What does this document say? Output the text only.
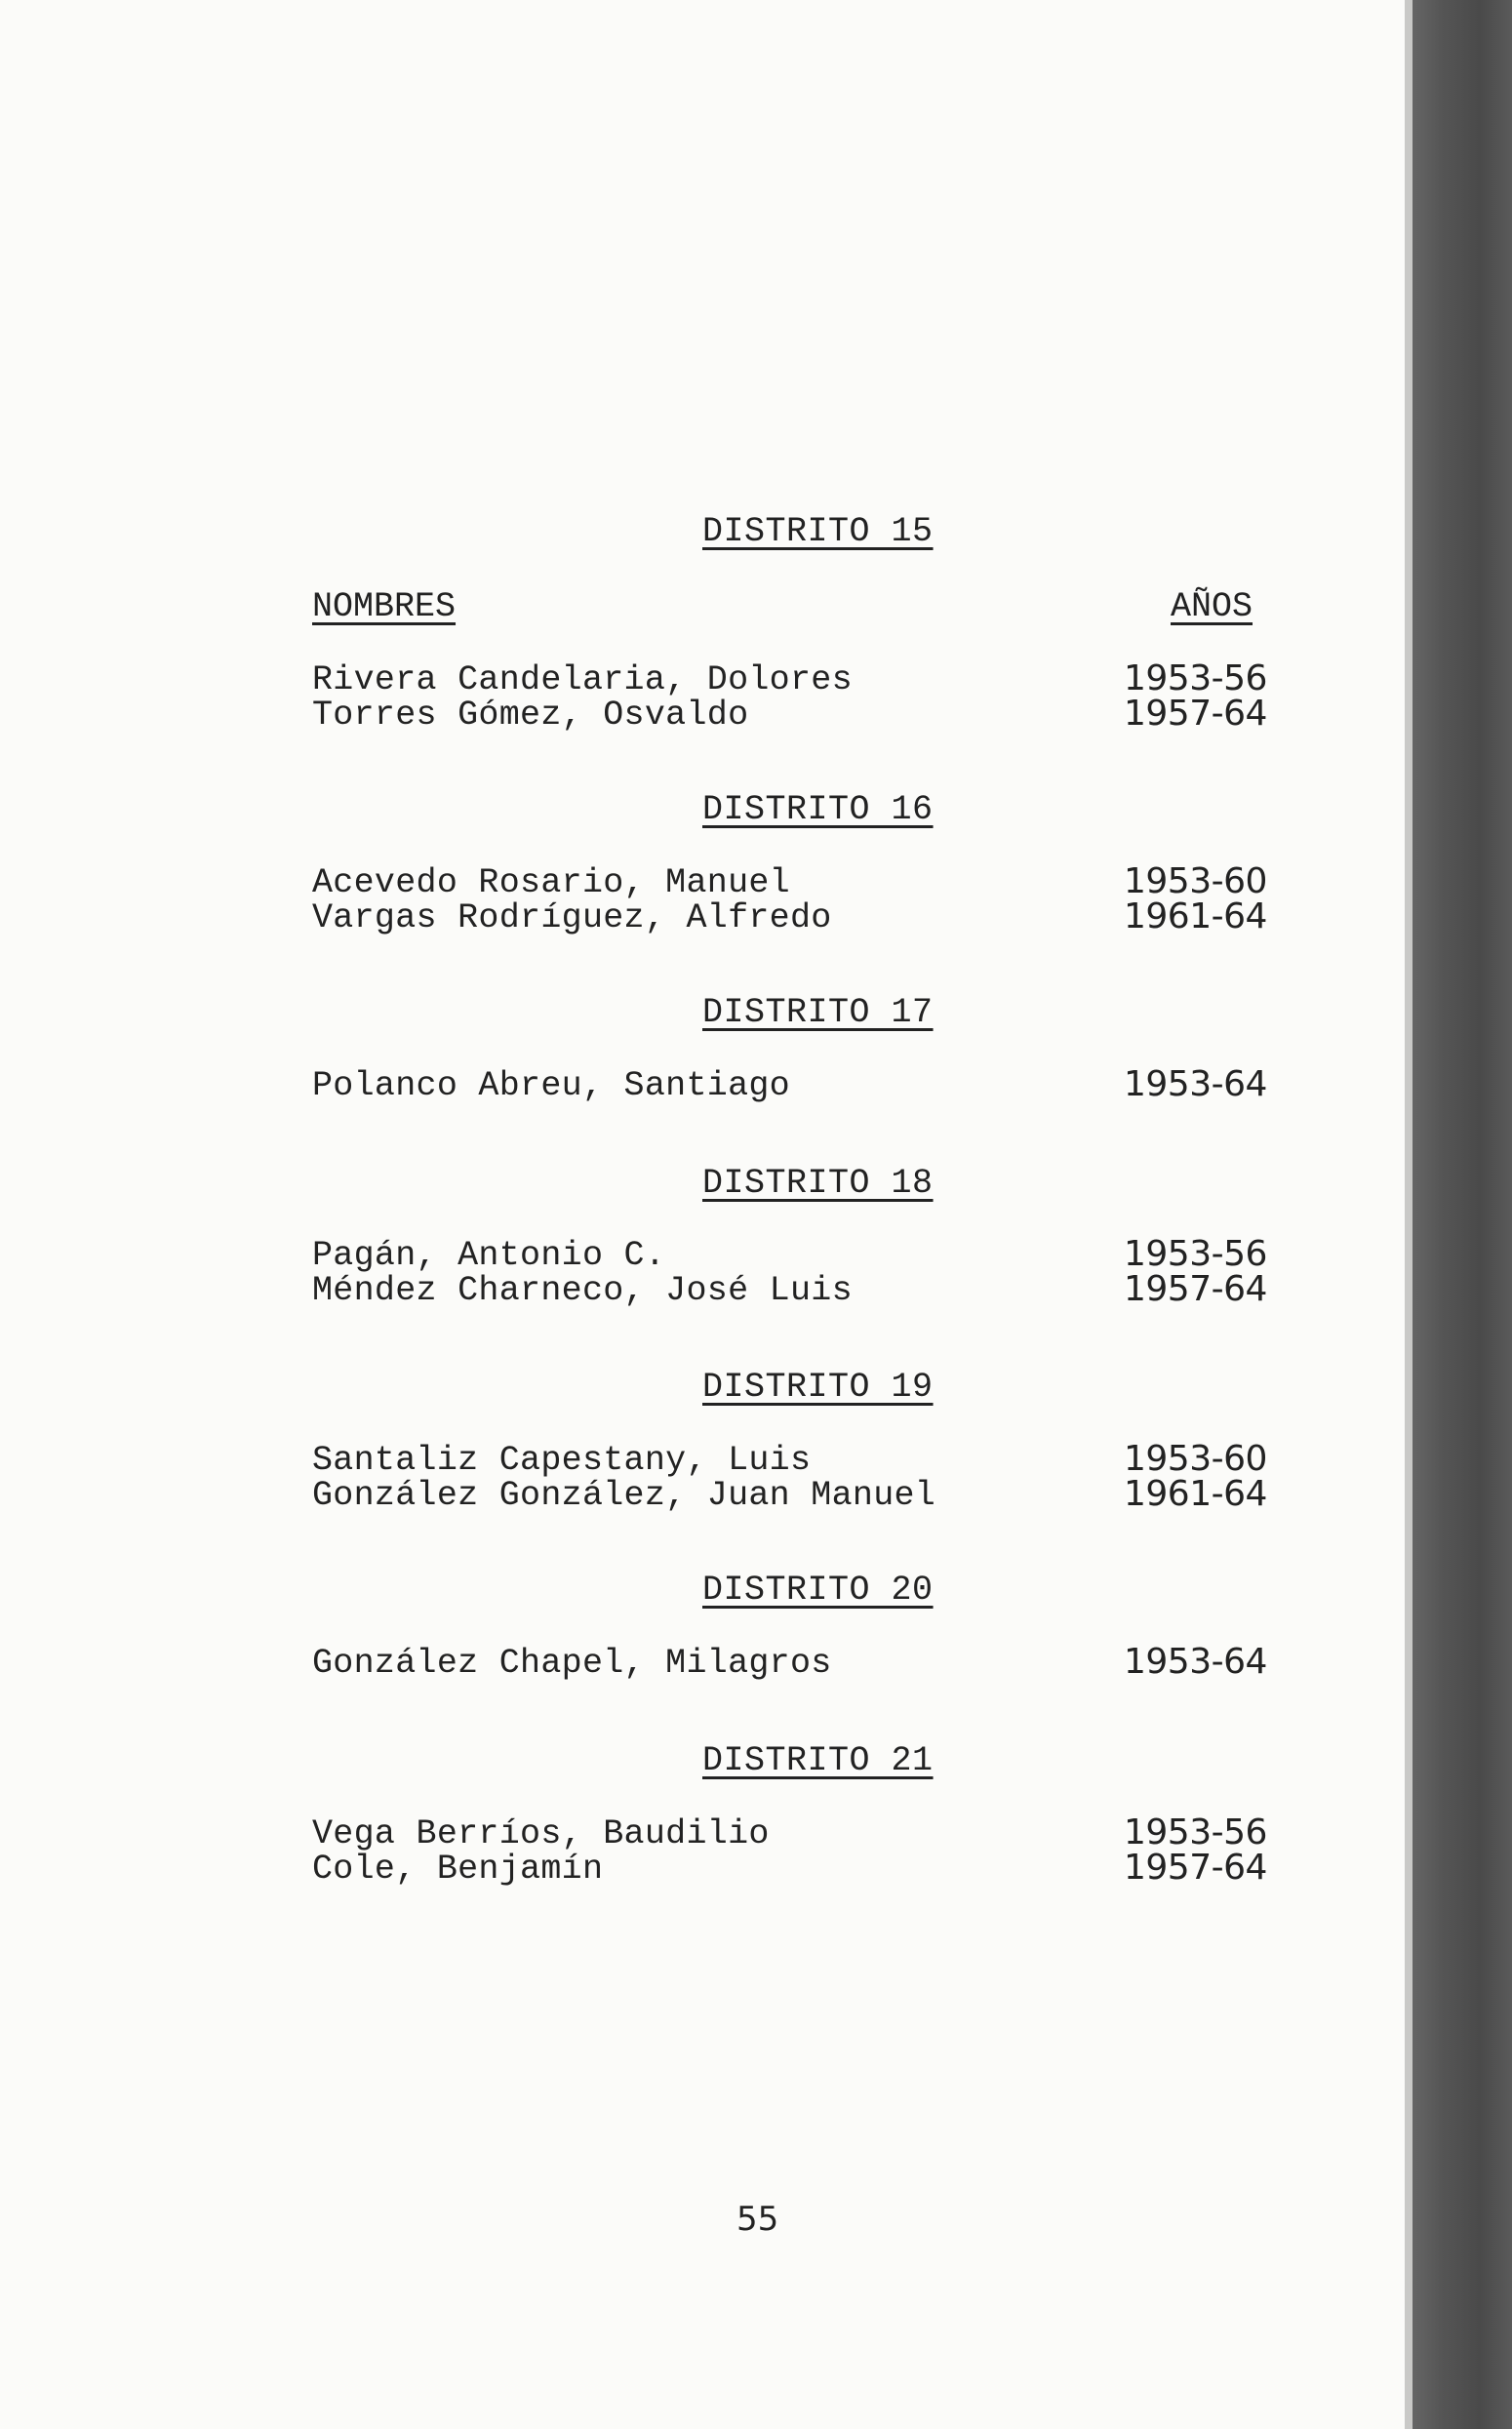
DISTRITO 15
NOMBRES	AÑOS
Rivera Candelaria, Dolores	1953-56
Torres Gómez, Osvaldo	1957-64
DISTRITO 16
Acevedo Rosario, Manuel	1953-60
Vargas Rodríguez, Alfredo	1961-64
DISTRITO 17
Polanco Abreu, Santiago	1953-64
DISTRITO 18
Pagán, Antonio C.	1953-56
Méndez Charneco, José Luis	1957-64
DISTRITO 19
Santaliz Capestany, Luis	1953-60
González González, Juan Manuel	1961-64
DISTRITO 20
González Chapel, Milagros	1953-64
DISTRITO 21
Vega Berríos, Baudilio	1953-56
Cole, Benjamín	1957-64
55
